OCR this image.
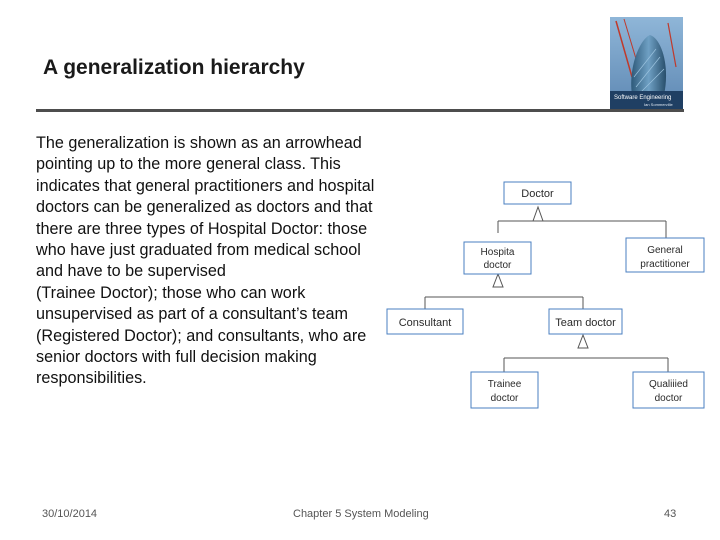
A generalization hierarchy
Software Engineering
Ian Sommerville
The generalization is shown as an arrowhead pointing up to the more general class. This indicates that general practitioners and hospital doctors can be generalized as doctors and that there are three types of Hospital Doctor: those who have just graduated from medical school and have to be supervised
(Trainee Doctor); those who can work unsupervised as part of a consultant’s team (Registered Doctor); and consultants, who are senior doctors with full decision making responsibilities.
Doctor
Hospita
doctor
General
practitioner
Consultant	Team doctor
Trainee
doctor
Qualiiied
doctor
30/10/2014	Chapter 5 System Modeling	43
